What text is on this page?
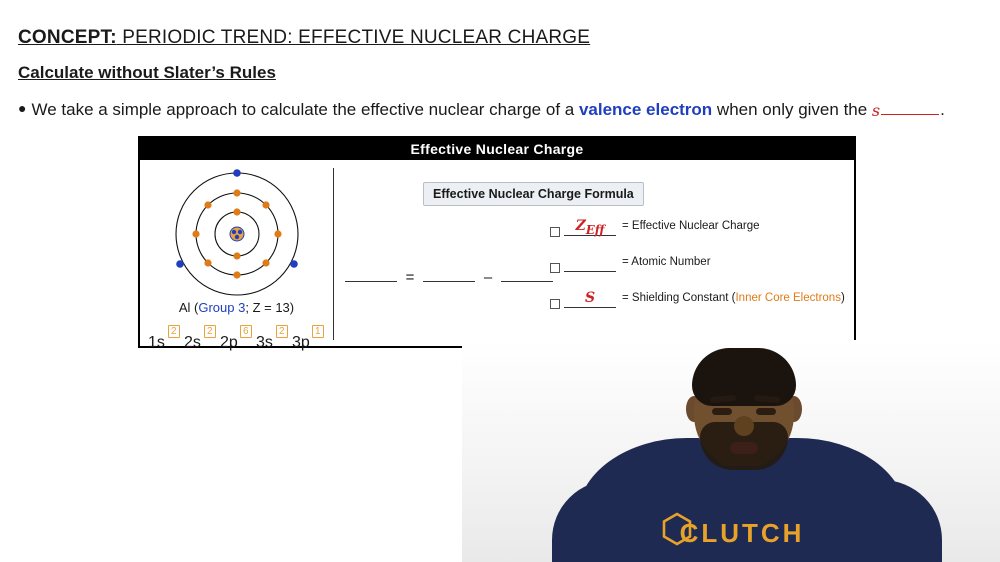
CONCEPT: PERIODIC TREND: EFFECTIVE NUCLEAR CHARGE
Calculate without Slater’s Rules
● We take a simple approach to calculate the effective nuclear charge of a valence electron when only given the s	.
Effective Nuclear Charge
Al (Group 3; Z = 13)
1s
2
2s
2
2p
6
3s
2
3p
1
Effective Nuclear Charge Formula
=	–
$Z_{Eff}$	= Effective Nuclear Charge
= Atomic Number
S	= Shielding Constant (Inner Core Electrons)
CLUTCH
